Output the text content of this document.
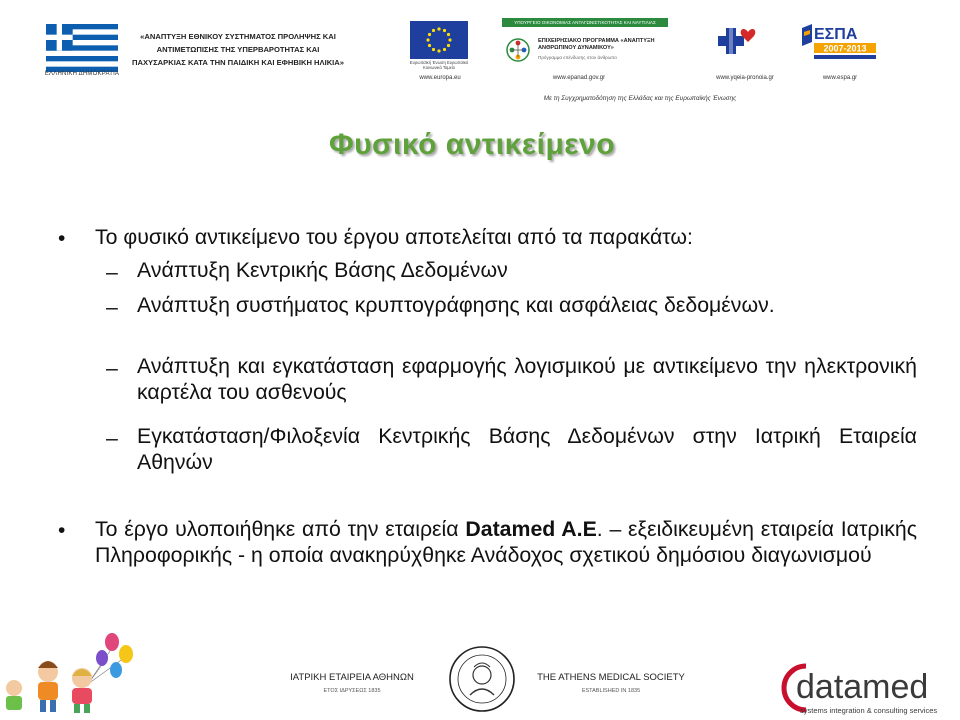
ΕΛΛΗΝΙΚΗ ΔΗΜΟΚΡΑΤΙΑ
«ΑΝΑΠΤΥΞΗ ΕΘΝΙΚΟΥ ΣΥΣΤΗΜΑΤΟΣ ΠΡΟΛΗΨΗΣ ΚΑΙ ΑΝΤΙΜΕΤΩΠΙΣΗΣ ΤΗΣ ΥΠΕΡΒΑΡΟΤΗΤΑΣ ΚΑΙ ΠΑΧΥΣΑΡΚΙΑΣ ΚΑΤΑ ΤΗΝ ΠΑΙΔΙΚΗ ΚΑΙ ΕΦΗΒΙΚΗ ΗΛΙΚΙΑ»	Ευρωπαϊκή Ένωση Ευρωπαϊκό Κοινωνικό Ταμείο
www.europa.eu
ΥΠΟΥΡΓΕΙΟ ΟΙΚΟΝΟΜΙΑΣ ΑΝΤΑΓΩΝΙΣΤΙΚΟΤΗΤΑΣ ΚΑΙ ΝΑΥΤΙΛΙΑΣ
ΕΠΙΧΕΙΡΗΣΙΑΚΟ ΠΡΟΓΡΑΜΜΑ «ΑΝΑΠΤΥΞΗ ΑΝΘΡΩΠΙΝΟΥ ΔΥΝΑΜΙΚΟΥ»
Πρόγραμμα επένδυσης στον άνθρωπο
www.epanad.gov.gr	www.yqeia-pronoia.gr
ΕΣΠΑ
2007-2013
www.espa.gr
Με τη Συγχρηματοδότηση της Ελλάδας και της Ευρωπαϊκής Ένωσης
Φυσικό αντικείμενο
• Το φυσικό αντικείμενο του έργου αποτελείται από τα παρακάτω:
– Ανάπτυξη Κεντρικής Βάσης Δεδομένων
– Ανάπτυξη συστήματος κρυπτογράφησης και ασφάλειας δεδομένων.
– Ανάπτυξη και εγκατάσταση εφαρμογής λογισμικού με αντικείμενο την ηλεκτρονική καρτέλα του ασθενούς
– Εγκατάσταση/Φιλοξενία Κεντρικής Βάσης Δεδομένων στην Ιατρική Εταιρεία Αθηνών
• Το έργο υλοποιήθηκε από την εταιρεία Datamed A.E. – εξειδικευμένη εταιρεία Ιατρικής Πληροφορικής - η οποία ανακηρύχθηκε Ανάδοχος σχετικού δημόσιου διαγωνισμού
ΙΑΤΡΙΚΗ ΕΤΑΙΡΕΙΑ ΑΘΗΝΩΝ
ΕΤΟΣ ΙΔΡΥΣΕΩΣ 1835
THE ATHENS MEDICAL SOCIETY
ESTABLISHED IN 1835	datamed
systems integration & consulting services
